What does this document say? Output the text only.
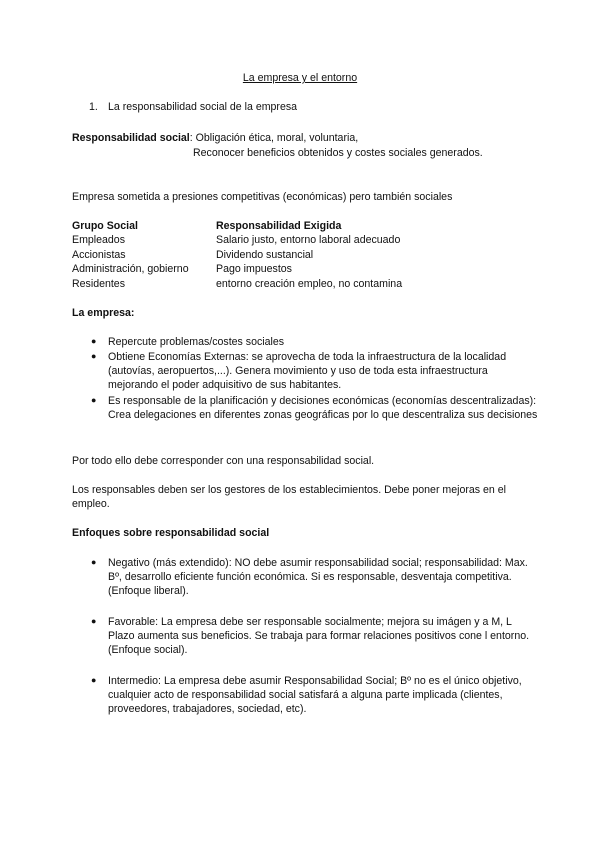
La empresa y el entorno
1. La responsabilidad social de la empresa
Responsabilidad social: Obligación ética, moral, voluntaria,
Reconocer beneficios obtenidos y costes sociales generados.
Empresa sometida a presiones competitivas (económicas) pero también sociales
Grupo Social	Responsabilidad Exigida
Empleados	Salario justo, entorno laboral adecuado
Accionistas	Dividendo sustancial
Administración, gobierno	Pago impuestos
Residentes	entorno creación empleo, no contamina
La empresa:
● Repercute problemas/costes sociales
● Obtiene Economías Externas: se aprovecha de toda la infraestructura de la localidad (autovías, aeropuertos,...). Genera movimiento y uso de toda esta infraestructura mejorando el poder adquisitivo de sus habitantes.
● Es responsable de la planificación y decisiones económicas (economías descentralizadas): Crea delegaciones en diferentes zonas geográficas por lo que descentraliza sus decisiones
Por todo ello debe corresponder con una responsabilidad social.
Los responsables deben ser los gestores de los establecimientos. Debe poner mejoras en el empleo.
Enfoques sobre responsabilidad social
● Negativo (más extendido): NO debe asumir responsabilidad social; responsabilidad: Max. Bº, desarrollo eficiente función económica. Si es responsable, desventaja competitiva. (Enfoque liberal).
● Favorable: La empresa debe ser responsable socialmente; mejora su imágen y a M, L Plazo aumenta sus beneficios. Se trabaja para formar relaciones positivos cone l entorno. (Enfoque social).
● Intermedio: La empresa debe asumir Responsabilidad Social; Bº no es el único objetivo, cualquier acto de responsabilidad social satisfará a alguna parte implicada (clientes, proveedores, trabajadores, sociedad, etc).
